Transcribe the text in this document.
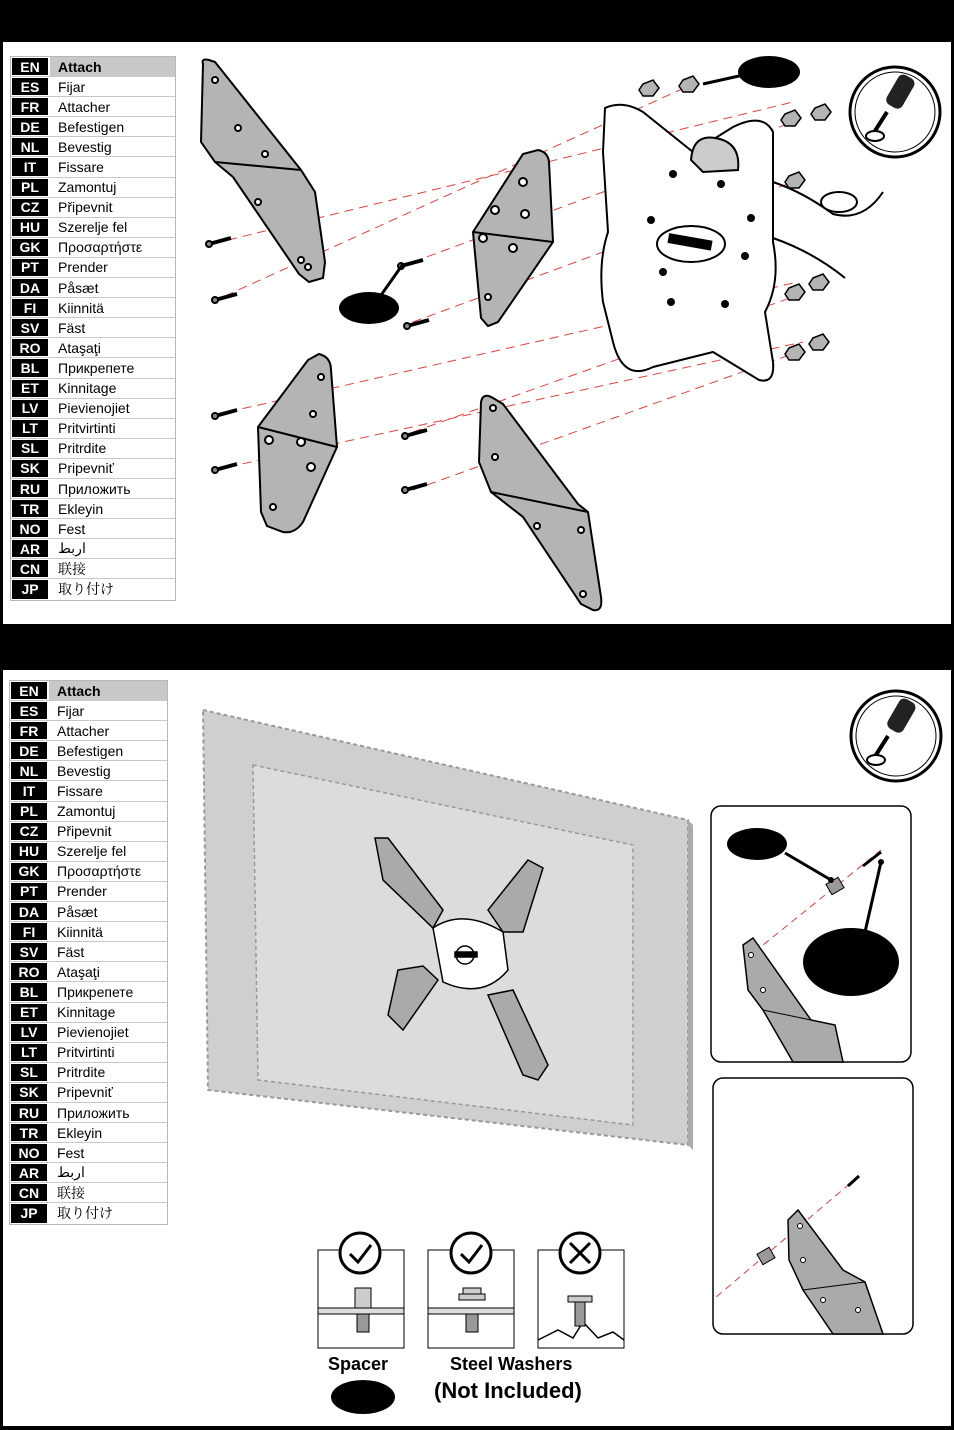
EN	Attach
ES	Fijar
FR	Attacher
DE	Befestigen
NL	Bevestig
IT	Fissare
PL	Zamontuj
CZ	Připevnit
HU	Szerelje fel
GK	Προσαρτήστε
PT	Prender
DA	Påsæt
FI	Kiinnitä
SV	Fäst
RO	Ataşaţi
BL	Прикрепете
ET	Kinnitage
LV	Pievienojiet
LT	Pritvirtinti
SL	Pritrdite
SK	Pripevniť
RU	Приложить
TR	Ekleyin
NO	Fest
AR	اربط
CN	联接
JP	取り付け
EN	Attach
ES	Fijar
FR	Attacher
DE	Befestigen
NL	Bevestig
IT	Fissare
PL	Zamontuj
CZ	Připevnit
HU	Szerelje fel
GK	Προσαρτήστε
PT	Prender
DA	Påsæt
FI	Kiinnitä
SV	Fäst
RO	Ataşaţi
BL	Прикрепете
ET	Kinnitage
LV	Pievienojiet
LT	Pritvirtinti
SL	Pritrdite
SK	Pripevniť
RU	Приложить
TR	Ekleyin
NO	Fest
AR	اربط
CN	联接
JP	取り付け
Spacer	Steel Washers
(Not Included)
